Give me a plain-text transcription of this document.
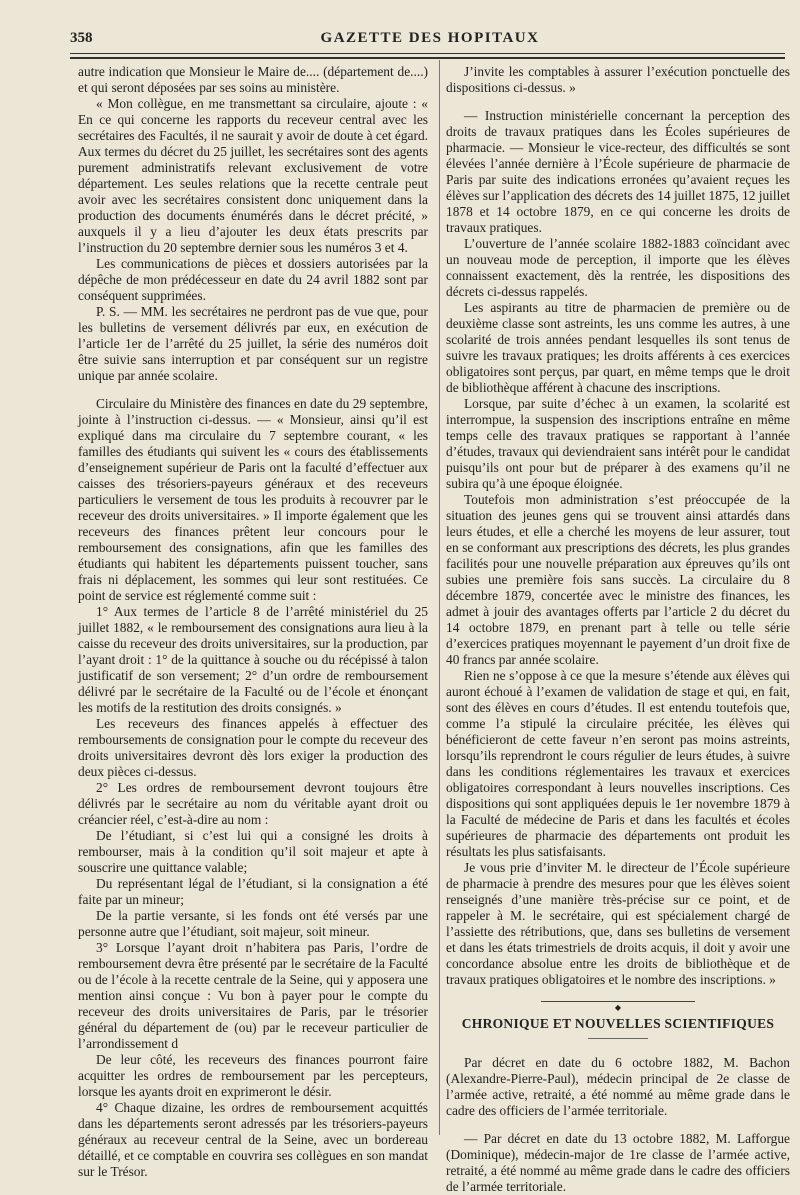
358	GAZETTE DES HOPITAUX

autre indication que Monsieur le Maire de.... (département de....) et qui seront déposées par ses soins au ministère.

« Mon collègue, en me transmettant sa circulaire, ajoute : « En ce qui concerne les rapports du receveur central avec les secrétaires des Facultés, il ne saurait y avoir de doute à cet égard. Aux termes du décret du 25 juillet, les secrétaires sont des agents purement administratifs relevant exclusivement de votre département. Les seules relations que la recette centrale peut avoir avec les secrétaires consistent donc uniquement dans la production des documents énumérés dans le décret précité, » auxquels il y a lieu d’ajouter les deux états prescrits par l’instruction du 20 septembre dernier sous les numéros 3 et 4.

Les communications de pièces et dossiers autorisées par la dépêche de mon prédécesseur en date du 24 avril 1882 sont par conséquent supprimées.

P. S. — MM. les secrétaires ne perdront pas de vue que, pour les bulletins de versement délivrés par eux, en exécution de l’article 1er de l’arrêté du 25 juillet, la série des numéros doit être suivie sans interruption et par conséquent sur un registre unique par année scolaire.

Circulaire du Ministère des finances en date du 29 septembre, jointe à l’instruction ci-dessus. — « Monsieur, ainsi qu’il est expliqué dans ma circulaire du 7 septembre courant, « les familles des étudiants qui suivent les « cours des établissements d’enseignement supérieur de Paris ont la faculté d’effectuer aux caisses des trésoriers-payeurs généraux et des receveurs particuliers le versement de tous les produits à recouvrer par le receveur des droits universitaires. » Il importe également que les receveurs des finances prêtent leur concours pour le remboursement des consignations, afin que les familles des étudiants qui habitent les départements puissent toucher, sans frais ni déplacement, les sommes qui leur sont restituées. Ce point de service est réglementé comme suit :

1° Aux termes de l’article 8 de l’arrêté ministériel du 25 juillet 1882, « le remboursement des consignations aura lieu à la caisse du receveur des droits universitaires, sur la production, par l’ayant droit : 1° de la quittance à souche ou du récépissé à talon justificatif de son versement; 2° d’un ordre de remboursement délivré par le secrétaire de la Faculté ou de l’école et énonçant les motifs de la restitution des droits consignés. »

Les receveurs des finances appelés à effectuer des remboursements de consignation pour le compte du receveur des droits universitaires devront dès lors exiger la production des deux pièces ci-dessus.

2° Les ordres de remboursement devront toujours être délivrés par le secrétaire au nom du véritable ayant droit ou créancier réel, c’est-à-dire au nom :

De l’étudiant, si c’est lui qui a consigné les droits à rembourser, mais à la condition qu’il soit majeur et apte à souscrire une quittance valable;

Du représentant légal de l’étudiant, si la consignation a été faite par un mineur;

De la partie versante, si les fonds ont été versés par une personne autre que l’étudiant, soit majeur, soit mineur.

3° Lorsque l’ayant droit n’habitera pas Paris, l’ordre de remboursement devra être présenté par le secrétaire de la Faculté ou de l’école à la recette centrale de la Seine, qui y apposera une mention ainsi conçue : Vu bon à payer pour le compte du receveur des droits universitaires de Paris, par le trésorier général du département de (ou) par le receveur particulier de l’arrondissement d

De leur côté, les receveurs des finances pourront faire acquitter les ordres de remboursement par les percepteurs, lorsque les ayants droit en exprimeront le désir.

4° Chaque dizaine, les ordres de remboursement acquittés dans les départements seront adressés par les trésoriers-payeurs généraux au receveur central de la Seine, avec un bordereau détaillé, et ce comptable en couvrira ses collègues en son mandat sur le Trésor.

J’invite les comptables à assurer l’exécution ponctuelle des dispositions ci-dessus. »

— Instruction ministérielle concernant la perception des droits de travaux pratiques dans les Écoles supérieures de pharmacie. — Monsieur le vice-recteur, des difficultés se sont élevées l’année dernière à l’École supérieure de pharmacie de Paris par suite des indications erronées qu’avaient reçues les élèves sur l’application des décrets des 14 juillet 1875, 12 juillet 1878 et 14 octobre 1879, en ce qui concerne les droits de travaux pratiques.

L’ouverture de l’année scolaire 1882-1883 coïncidant avec un nouveau mode de perception, il importe que les élèves connaissent exactement, dès la rentrée, les dispositions des décrets ci-dessus rappelés.

Les aspirants au titre de pharmacien de première ou de deuxième classe sont astreints, les uns comme les autres, à une scolarité de trois années pendant lesquelles ils sont tenus de suivre les travaux pratiques; les droits afférents à ces exercices obligatoires sont perçus, par quart, en même temps que le droit de bibliothèque afférent à chacune des inscriptions.

Lorsque, par suite d’échec à un examen, la scolarité est interrompue, la suspension des inscriptions entraîne en même temps celle des travaux pratiques se rapportant à l’année d’études, travaux qui deviendraient sans intérêt pour le candidat puisqu’ils ont pour but de préparer à des examens qu’il ne subira qu’à une époque éloignée.

Toutefois mon administration s’est préoccupée de la situation des jeunes gens qui se trouvent ainsi attardés dans leurs études, et elle a cherché les moyens de leur assurer, tout en se conformant aux prescriptions des décrets, les plus grandes facilités pour une nouvelle préparation aux épreuves qu’ils ont subies une première fois sans succès. La circulaire du 8 décembre 1879, concertée avec le ministre des finances, les admet à jouir des avantages offerts par l’article 2 du décret du 14 octobre 1879, en prenant part à telle ou telle série d’exercices pratiques moyennant le payement d’un droit fixe de 40 francs par année scolaire.

Rien ne s’oppose à ce que la mesure s’étende aux élèves qui auront échoué à l’examen de validation de stage et qui, en fait, sont des élèves en cours d’études. Il est entendu toutefois que, comme l’a stipulé la circulaire précitée, les élèves qui bénéficieront de cette faveur n’en seront pas moins astreints, lorsqu’ils reprendront le cours régulier de leurs études, à suivre dans les conditions réglementaires les travaux et exercices obligatoires correspondant à leurs nouvelles inscriptions. Ces dispositions qui sont appliquées depuis le 1er novembre 1879 à la Faculté de médecine de Paris et dans les facultés et écoles supérieures de pharmacie des départements ont produit les résultats les plus satisfaisants.

Je vous prie d’inviter M. le directeur de l’École supérieure de pharmacie à prendre des mesures pour que les élèves soient renseignés d’une manière très-précise sur ce point, et de rappeler à M. le secrétaire, qui est spécialement chargé de l’assiette des rétributions, que, dans ses bulletins de versement et dans les états trimestriels de droits acquis, il doit y avoir une concordance absolue entre les droits de bibliothèque et de travaux pratiques obligatoires et le nombre des inscriptions. »

◆
CHRONIQUE ET NOUVELLES SCIENTIFIQUES

Par décret en date du 6 octobre 1882, M. Bachon (Alexandre-Pierre-Paul), médecin principal de 2e classe de l’armée active, retraité, a été nommé au même grade dans le cadre des officiers de l’armée territoriale.

— Par décret en date du 13 octobre 1882, M. Lafforgue (Dominique), médecin-major de 1re classe de l’armée active, retraité, a été nommé au même grade dans le cadre des officiers de l’armée territoriale.
